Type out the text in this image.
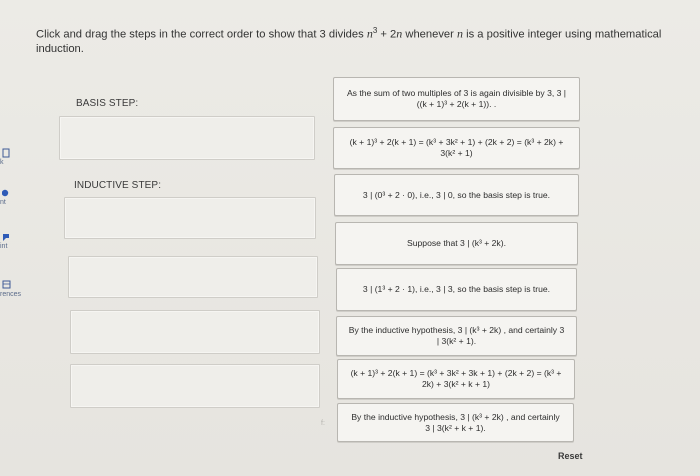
k
nt
int
rences
Click and drag the steps in the correct order to show that 3 divides $n^3 + 2n$ whenever n is a positive integer using mathematical induction.
BASIS STEP:
INDUCTIVE STEP:
f:
As the sum of two multiples of 3 is again divisible by 3, 3 | ((k + 1)³ + 2(k + 1)). .
(k + 1)³ + 2(k + 1) = (k³ + 3k² + 1) + (2k + 2) = (k³ + 2k) + 3(k² + 1)
3 | (0³ + 2 · 0), i.e., 3 | 0, so the basis step is true.
Suppose that 3 | (k³ + 2k).
3 | (1³ + 2 · 1), i.e., 3 | 3, so the basis step is true.
By the inductive hypothesis, 3 | (k³ + 2k) , and certainly 3 | 3(k² + 1).
(k + 1)³ + 2(k + 1) = (k³ + 3k² + 3k + 1) + (2k + 2) = (k³ + 2k) + 3(k² + k + 1)
By the inductive hypothesis, 3 | (k³ + 2k) , and certainly 3 | 3(k² + k + 1).
Reset
